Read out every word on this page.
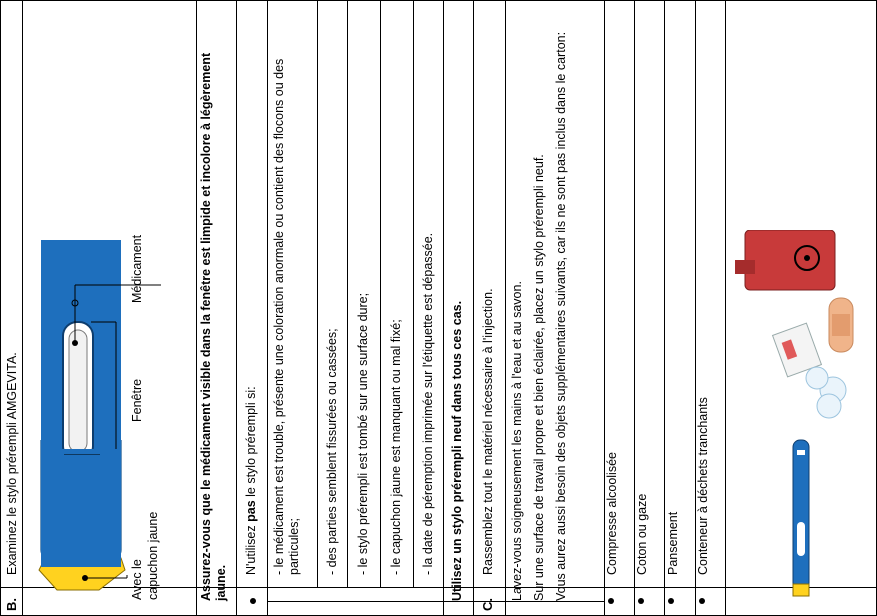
B.
Examinez le stylo prérempli AMGEVITA.
Avec le capuchon jaune
Fenêtre
Médicament	Assurez-vous que le médicament visible dans la fenêtre est limpide et incolore à légèrement jaune.
N'utilisez pas le stylo prérempli si: - le médicament est trouble, présente une coloration anormale ou contient des flocons ou des particules; - des parties semblent fissurées ou cassées; - le stylo prérempli est tombé sur une surface dure; - le capuchon jaune est manquant ou mal fixé; - la date de péremption imprimée sur l'étiquette est dépassée. Utilisez un stylo prérempli neuf dans tous ces cas.
C.
Rassemblez tout le matériel nécessaire à l'injection. Lavez-vous soigneusement les mains à l'eau et au savon. Sur une surface de travail propre et bien éclairée, placez un stylo prérempli neuf. Vous aurez aussi besoin des objets supplémentaires suivants, car ils ne sont pas inclus dans le carton:	Compresse alcoolisée Coton ou gaze Pansement Conteneur à déchets tranchants
